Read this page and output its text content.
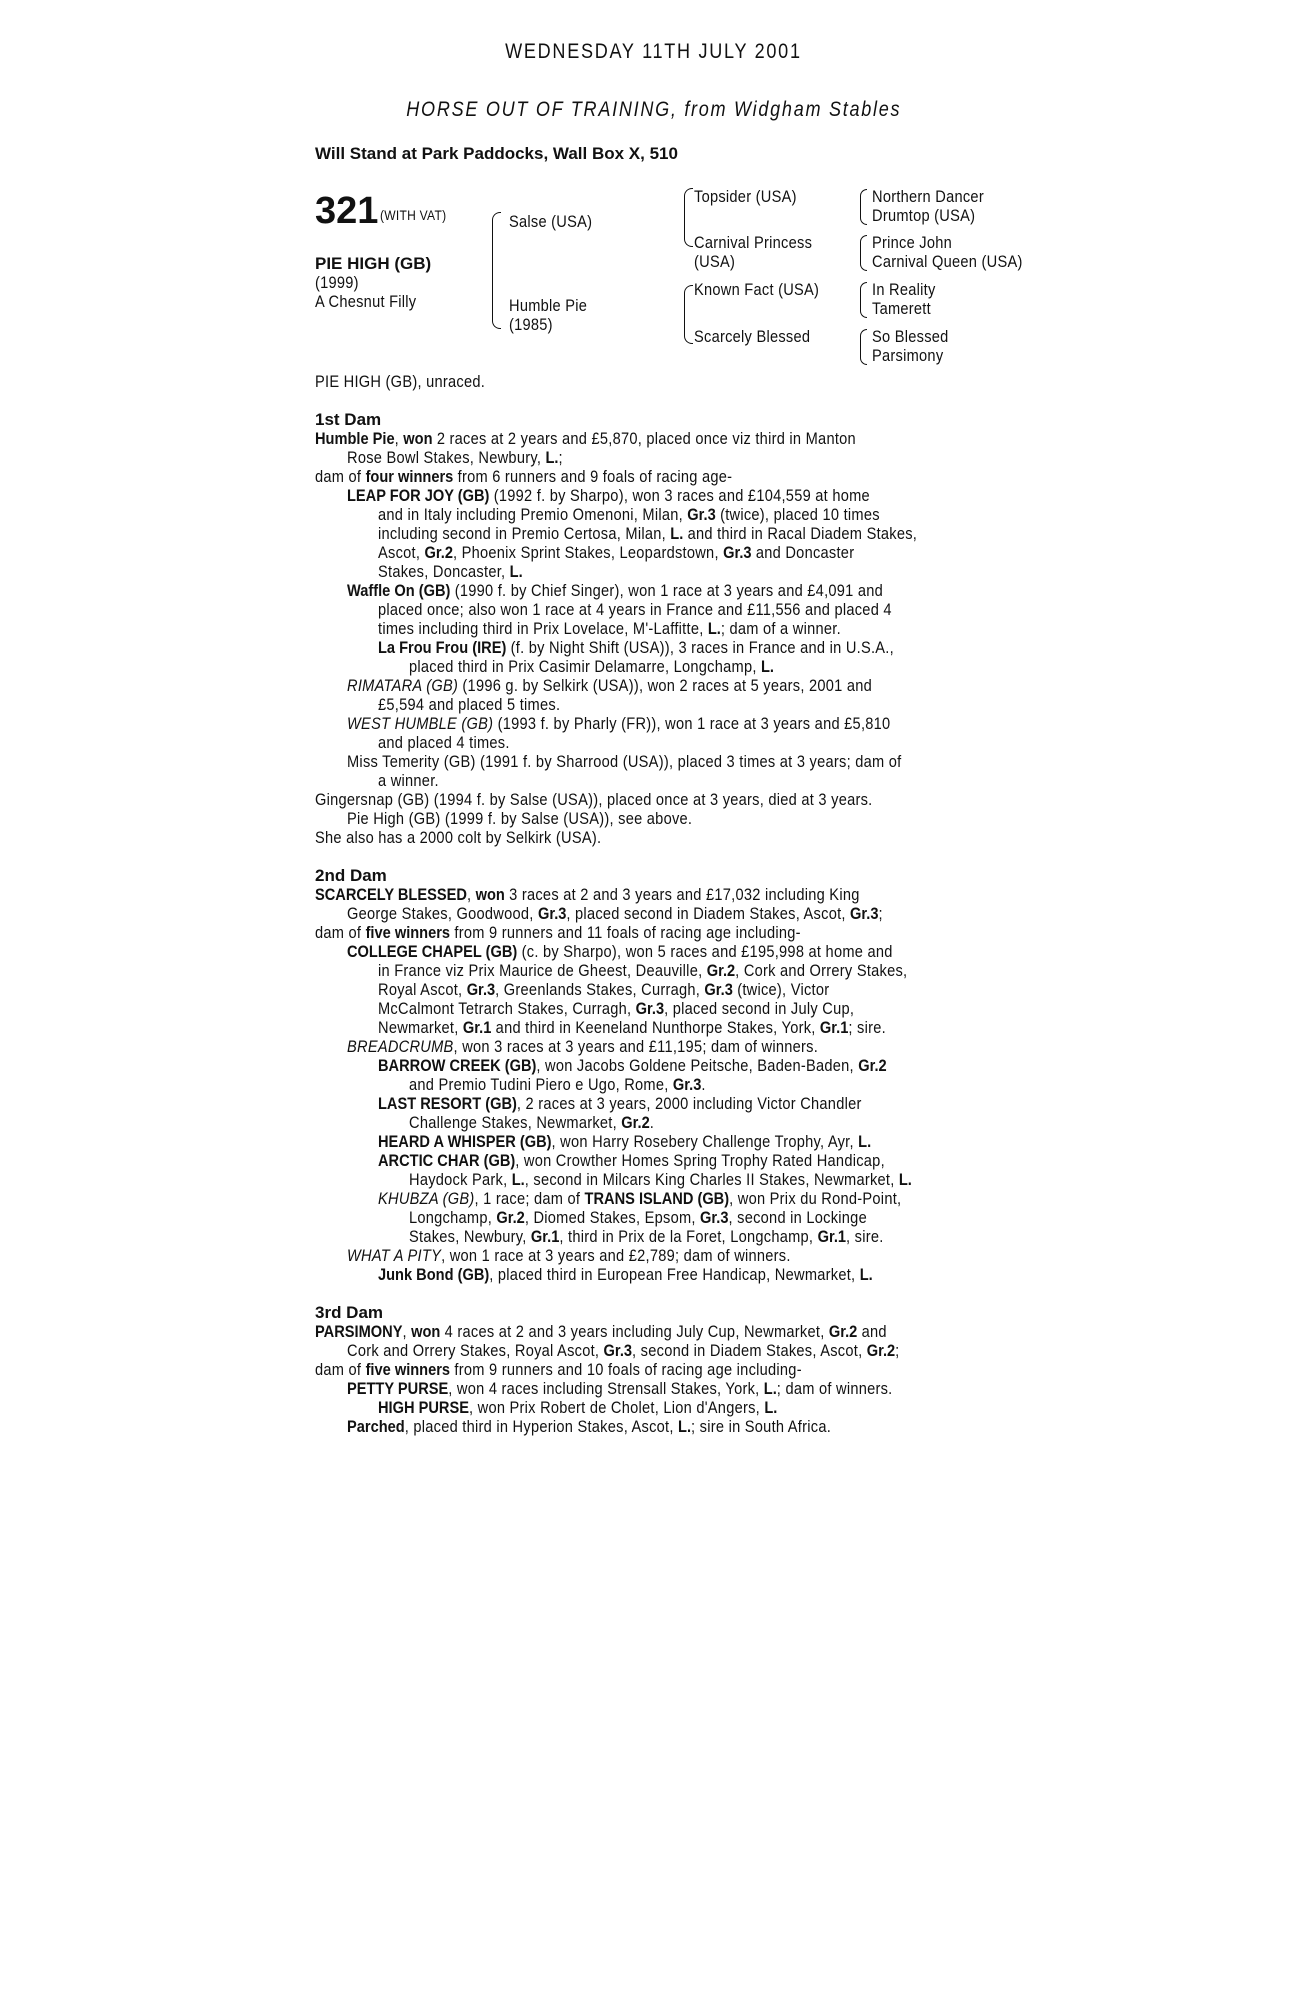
WEDNESDAY 11TH JULY 2001
HORSE OUT OF TRAINING, from Widgham Stables
Will Stand at Park Paddocks, Wall Box X, 510
321 (WITH VAT)
PIE HIGH (GB)
(1999)
A Chesnut Filly
Salse (USA)
Humble Pie
(1985)
Topsider (USA)
Carnival Princess
(USA)
Known Fact (USA)
Scarcely Blessed
Northern Dancer
Drumtop (USA)
Prince John
Carnival Queen (USA)
In Reality
Tamerett
So Blessed
Parsimony
PIE HIGH (GB), unraced.
1st Dam
Humble Pie, won 2 races at 2 years and £5,870, placed once viz third in Manton
Rose Bowl Stakes, Newbury, L.;
dam of four winners from 6 runners and 9 foals of racing age-
LEAP FOR JOY (GB) (1992 f. by Sharpo), won 3 races and £104,559 at home
and in Italy including Premio Omenoni, Milan, Gr.3 (twice), placed 10 times
including second in Premio Certosa, Milan, L. and third in Racal Diadem Stakes,
Ascot, Gr.2, Phoenix Sprint Stakes, Leopardstown, Gr.3 and Doncaster
Stakes, Doncaster, L.
Waffle On (GB) (1990 f. by Chief Singer), won 1 race at 3 years and £4,091 and
placed once; also won 1 race at 4 years in France and £11,556 and placed 4
times including third in Prix Lovelace, M'-Laffitte, L.; dam of a winner.
La Frou Frou (IRE) (f. by Night Shift (USA)), 3 races in France and in U.S.A.,
placed third in Prix Casimir Delamarre, Longchamp, L.
RIMATARA (GB) (1996 g. by Selkirk (USA)), won 2 races at 5 years, 2001 and
£5,594 and placed 5 times.
WEST HUMBLE (GB) (1993 f. by Pharly (FR)), won 1 race at 3 years and £5,810
and placed 4 times.
Miss Temerity (GB) (1991 f. by Sharrood (USA)), placed 3 times at 3 years; dam of
a winner.
Gingersnap (GB) (1994 f. by Salse (USA)), placed once at 3 years, died at 3 years.
Pie High (GB) (1999 f. by Salse (USA)), see above.
She also has a 2000 colt by Selkirk (USA).
2nd Dam
SCARCELY BLESSED, won 3 races at 2 and 3 years and £17,032 including King
George Stakes, Goodwood, Gr.3, placed second in Diadem Stakes, Ascot, Gr.3;
dam of five winners from 9 runners and 11 foals of racing age including-
COLLEGE CHAPEL (GB) (c. by Sharpo), won 5 races and £195,998 at home and
in France viz Prix Maurice de Gheest, Deauville, Gr.2, Cork and Orrery Stakes,
Royal Ascot, Gr.3, Greenlands Stakes, Curragh, Gr.3 (twice), Victor
McCalmont Tetrarch Stakes, Curragh, Gr.3, placed second in July Cup,
Newmarket, Gr.1 and third in Keeneland Nunthorpe Stakes, York, Gr.1; sire.
BREADCRUMB, won 3 races at 3 years and £11,195; dam of winners.
BARROW CREEK (GB), won Jacobs Goldene Peitsche, Baden-Baden, Gr.2
and Premio Tudini Piero e Ugo, Rome, Gr.3.
LAST RESORT (GB), 2 races at 3 years, 2000 including Victor Chandler
Challenge Stakes, Newmarket, Gr.2.
HEARD A WHISPER (GB), won Harry Rosebery Challenge Trophy, Ayr, L.
ARCTIC CHAR (GB), won Crowther Homes Spring Trophy Rated Handicap,
Haydock Park, L., second in Milcars King Charles II Stakes, Newmarket, L.
KHUBZA (GB), 1 race; dam of TRANS ISLAND (GB), won Prix du Rond-Point,
Longchamp, Gr.2, Diomed Stakes, Epsom, Gr.3, second in Lockinge
Stakes, Newbury, Gr.1, third in Prix de la Foret, Longchamp, Gr.1, sire.
WHAT A PITY, won 1 race at 3 years and £2,789; dam of winners.
Junk Bond (GB), placed third in European Free Handicap, Newmarket, L.
3rd Dam
PARSIMONY, won 4 races at 2 and 3 years including July Cup, Newmarket, Gr.2 and
Cork and Orrery Stakes, Royal Ascot, Gr.3, second in Diadem Stakes, Ascot, Gr.2;
dam of five winners from 9 runners and 10 foals of racing age including-
PETTY PURSE, won 4 races including Strensall Stakes, York, L.; dam of winners.
HIGH PURSE, won Prix Robert de Cholet, Lion d'Angers, L.
Parched, placed third in Hyperion Stakes, Ascot, L.; sire in South Africa.
